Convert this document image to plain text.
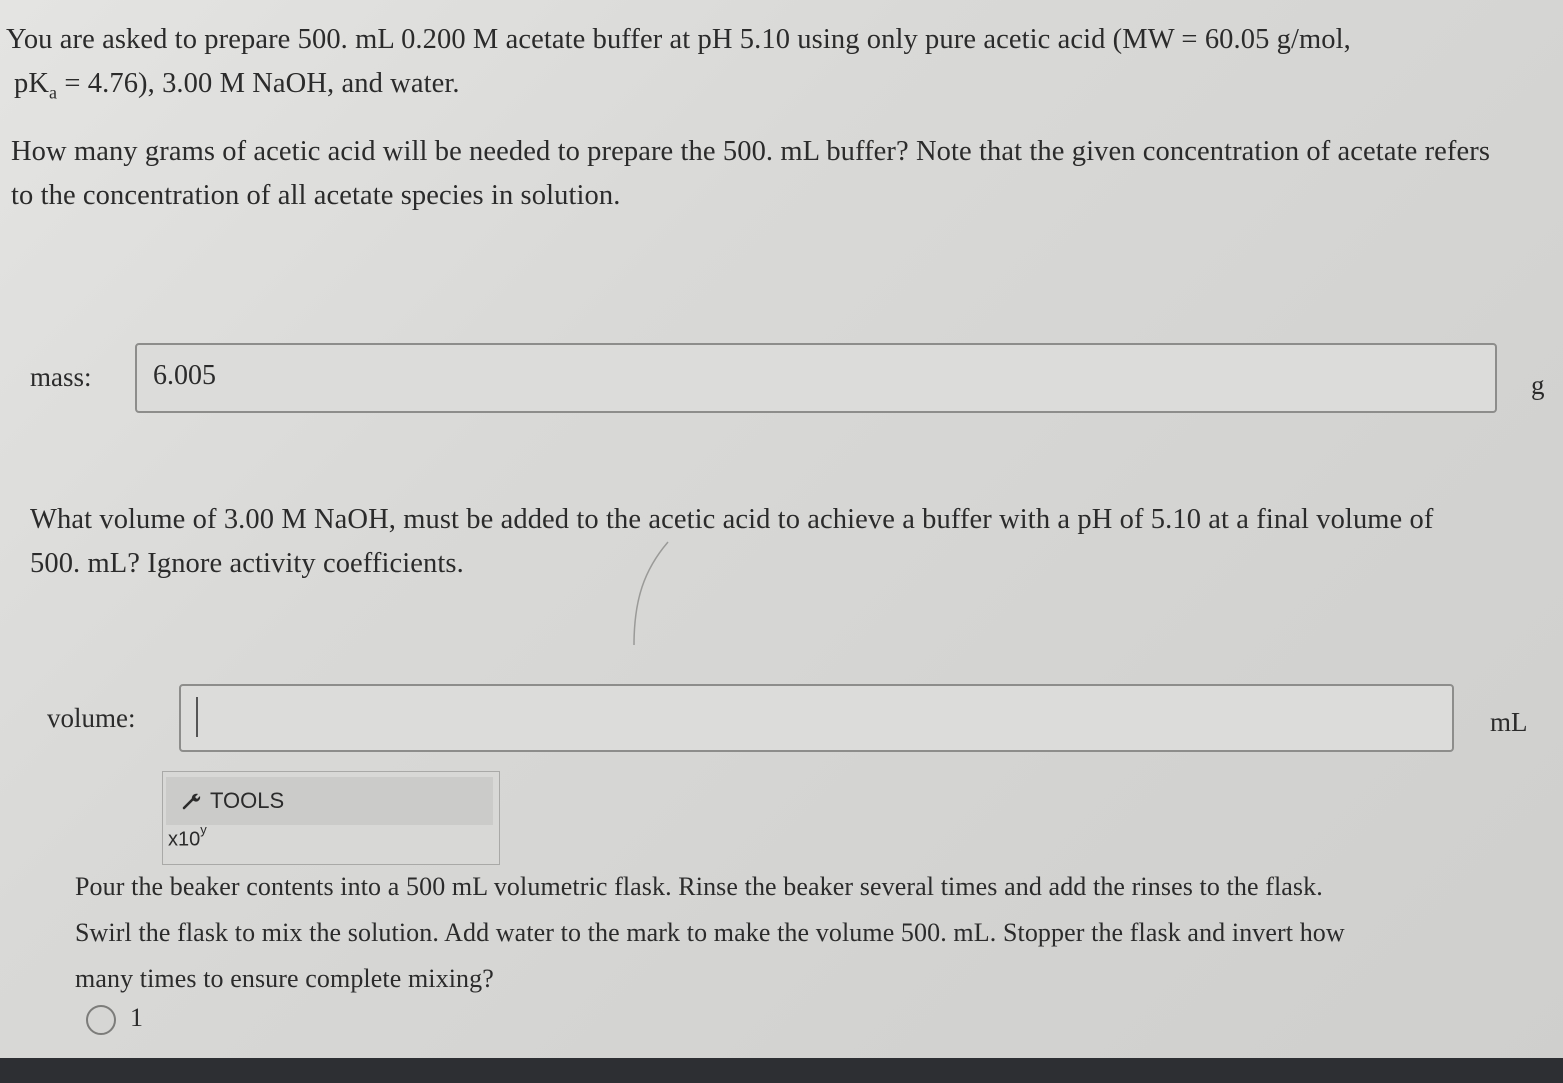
You are asked to prepare 500. mL 0.200 M acetate buffer at pH 5.10 using only pure acetic acid (MW = 60.05 g/mol,
$pK_a = 4.76$), 3.00 M NaOH, and water.
How many grams of acetic acid will be needed to prepare the 500. mL buffer? Note that the given concentration of acetate refers
to the concentration of all acetate species in solution.
mass:
6.005	g
What volume of 3.00 M NaOH, must be added to the acetic acid to achieve a buffer with a pH of 5.10 at a final volume of
500. mL? Ignore activity coefficients.
volume:	mL
TOOLS
x10$^y$
Pour the beaker contents into a 500 mL volumetric flask. Rinse the beaker several times and add the rinses to the flask.
Swirl the flask to mix the solution. Add water to the mark to make the volume 500. mL. Stopper the flask and invert how
many times to ensure complete mixing?
1
